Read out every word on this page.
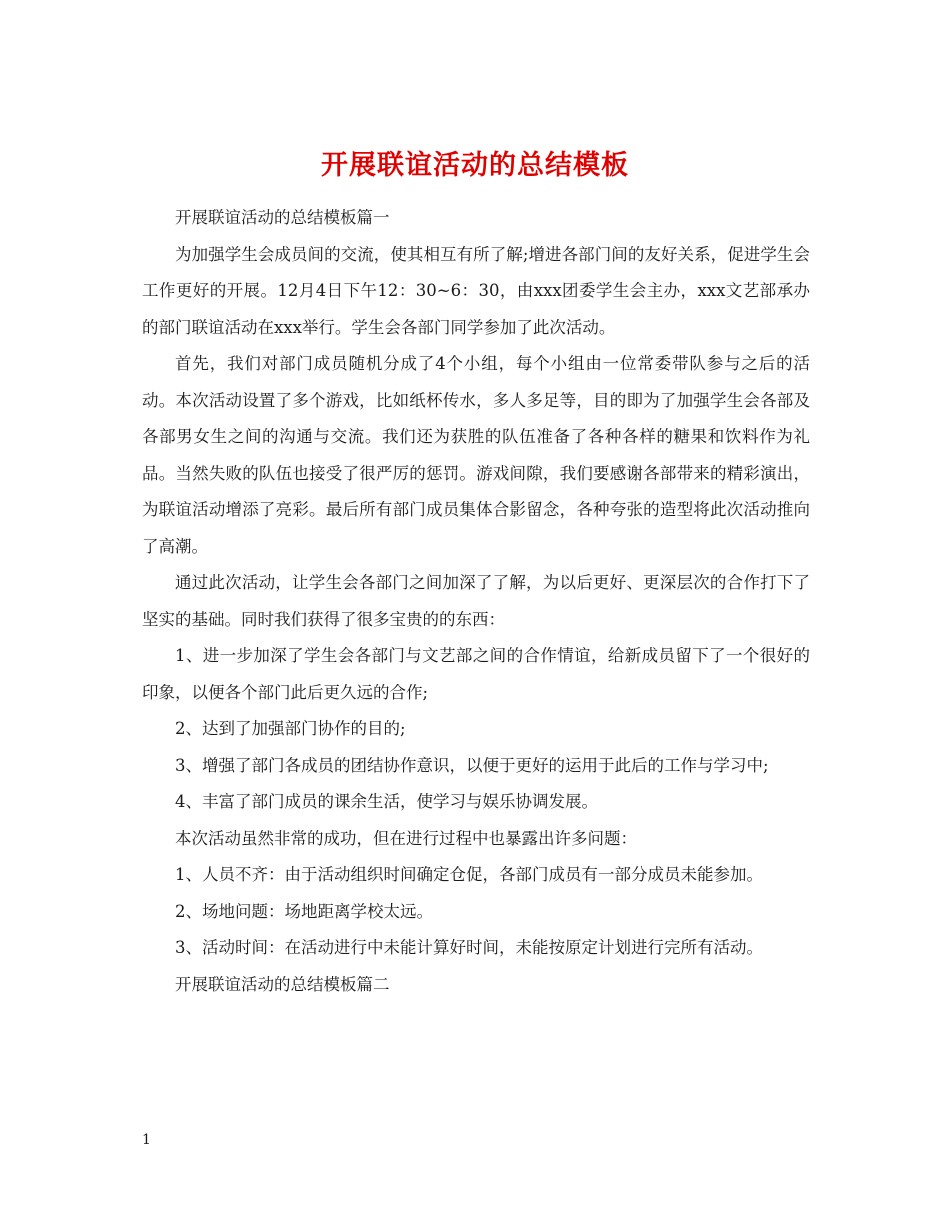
开展联谊活动的总结模板

开展联谊活动的总结模板篇一

为加强学生会成员间的交流，使其相互有所了解;增进各部门间的友好关系，促进学生会工作更好的开展。12月4日下午12：30~6：30，由xxx团委学生会主办，xxx文艺部承办的部门联谊活动在xxx举行。学生会各部门同学参加了此次活动。

首先，我们对部门成员随机分成了4个小组，每个小组由一位常委带队参与之后的活动。本次活动设置了多个游戏，比如纸杯传水，多人多足等，目的即为了加强学生会各部及各部男女生之间的沟通与交流。我们还为获胜的队伍准备了各种各样的糖果和饮料作为礼品。当然失败的队伍也接受了很严厉的惩罚。游戏间隙，我们要感谢各部带来的精彩演出，为联谊活动增添了亮彩。最后所有部门成员集体合影留念，各种夸张的造型将此次活动推向了高潮。

通过此次活动，让学生会各部门之间加深了了解，为以后更好、更深层次的合作打下了坚实的基础。同时我们获得了很多宝贵的的东西：

1、进一步加深了学生会各部门与文艺部之间的合作情谊，给新成员留下了一个很好的印象，以便各个部门此后更久远的合作;

2、达到了加强部门协作的目的;

3、增强了部门各成员的团结协作意识，以便于更好的运用于此后的工作与学习中;

4、丰富了部门成员的课余生活，使学习与娱乐协调发展。

本次活动虽然非常的成功，但在进行过程中也暴露出许多问题：

1、人员不齐：由于活动组织时间确定仓促，各部门成员有一部分成员未能参加。

2、场地问题：场地距离学校太远。

3、活动时间：在活动进行中未能计算好时间，未能按原定计划进行完所有活动。

开展联谊活动的总结模板篇二

1
